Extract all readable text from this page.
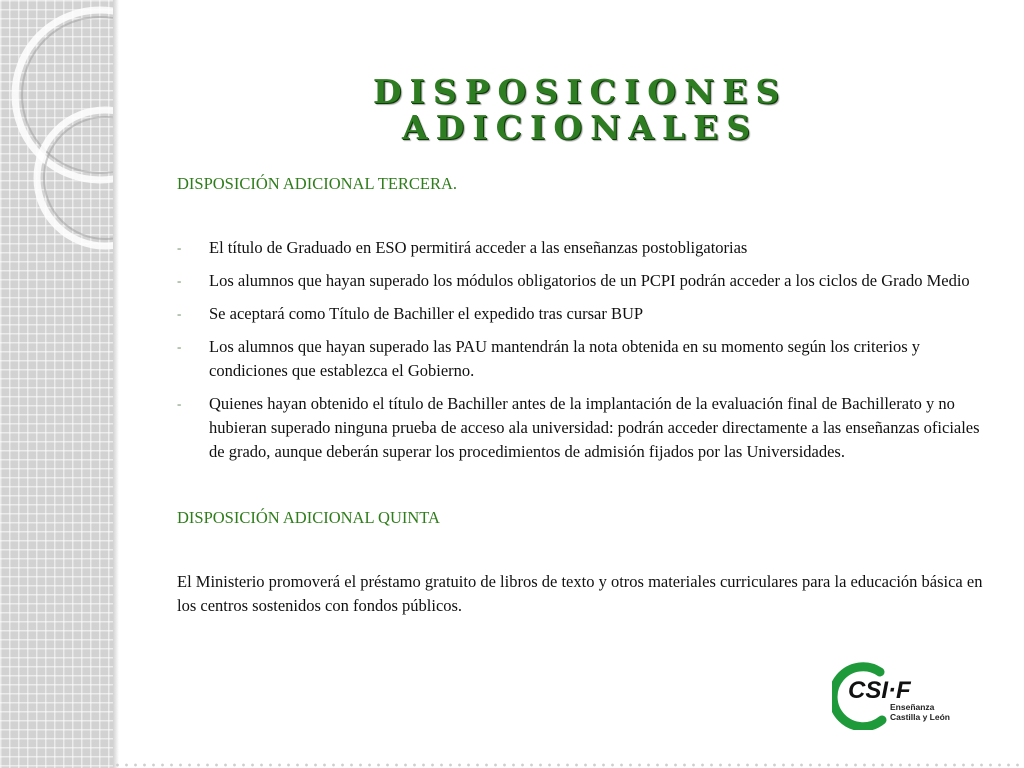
DISPOSICIONES
ADICIONALES

DISPOSICIÓN ADICIONAL TERCERA.

- El título de Graduado en ESO permitirá acceder a las enseñanzas postobligatorias
- Los alumnos que hayan superado los módulos obligatorios de un PCPI podrán acceder a los ciclos de Grado Medio
- Se aceptará como Título de Bachiller el expedido tras cursar BUP
- Los alumnos que hayan superado las PAU mantendrán la nota obtenida en su momento según los criterios y condiciones que establezca el Gobierno.
- Quienes hayan obtenido el título de Bachiller antes de la implantación de la evaluación final de Bachillerato y no hubieran superado ninguna prueba de acceso ala universidad: podrán acceder directamente a las enseñanzas oficiales de grado, aunque deberán superar los procedimientos de admisión fijados por las Universidades.

DISPOSICIÓN ADICIONAL QUINTA

El Ministerio promoverá el préstamo gratuito de libros de texto y otros materiales curriculares para la educación básica en los centros sostenidos con fondos públicos.

CSI·F
Enseñanza
Castilla y León
